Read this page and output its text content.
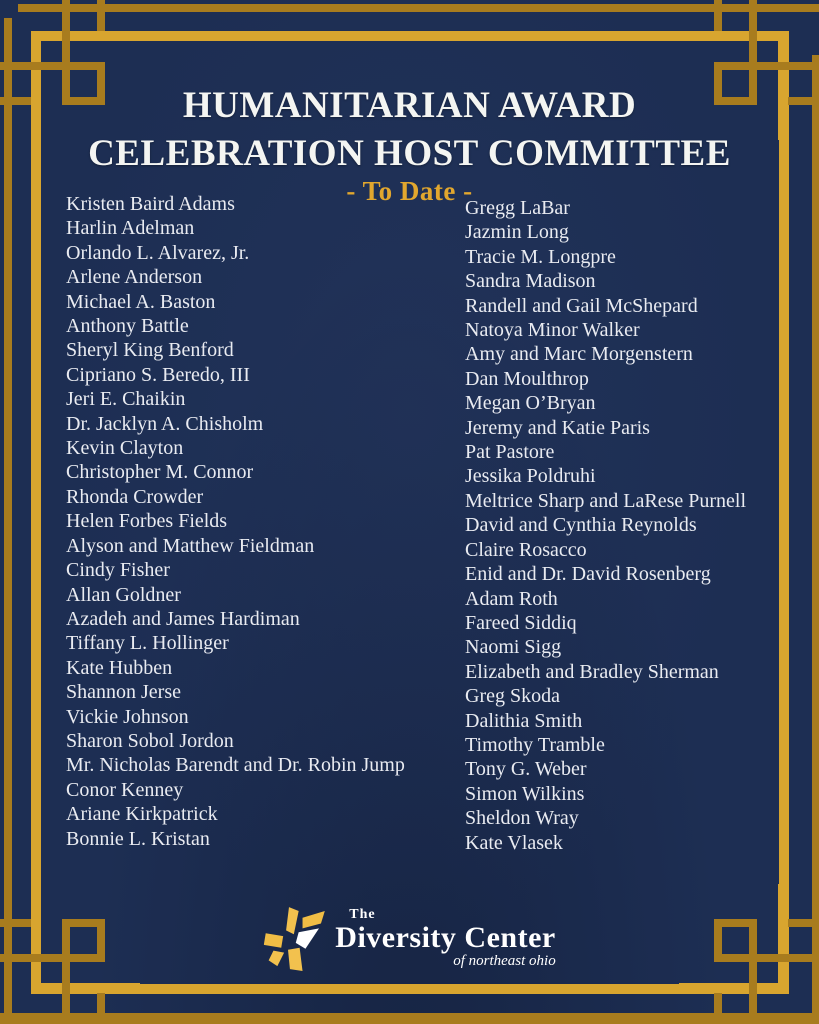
HUMANITARIAN AWARD
CELEBRATION HOST COMMITTEE
- To Date -
Kristen Baird Adams
Harlin Adelman
Orlando L. Alvarez, Jr.
Arlene Anderson
Michael A. Baston
Anthony Battle
Sheryl King Benford
Cipriano S. Beredo, III
Jeri E. Chaikin
Dr. Jacklyn A. Chisholm
Kevin Clayton
Christopher M. Connor
Rhonda Crowder
Helen Forbes Fields
Alyson and Matthew Fieldman
Cindy Fisher
Allan Goldner
Azadeh and James Hardiman
Tiffany L. Hollinger
Kate Hubben
Shannon Jerse
Vickie Johnson
Sharon Sobol Jordon
Mr. Nicholas Barendt and Dr. Robin Jump
Conor Kenney
Ariane Kirkpatrick
Bonnie L. Kristan
Gregg LaBar
Jazmin Long
Tracie M. Longpre
Sandra Madison
Randell and Gail McShepard
Natoya Minor Walker
Amy and Marc Morgenstern
Dan Moulthrop
Megan O’Bryan
Jeremy and Katie Paris
Pat Pastore
Jessika Poldruhi
Meltrice Sharp and LaRese Purnell
David and Cynthia Reynolds
Claire Rosacco
Enid and Dr. David Rosenberg
Adam Roth
Fareed Siddiq
Naomi Sigg
Elizabeth and Bradley Sherman
Greg Skoda
Dalithia Smith
Timothy Tramble
Tony G. Weber
Simon Wilkins
Sheldon Wray
Kate Vlasek
The
Diversity Center
of northeast ohio
